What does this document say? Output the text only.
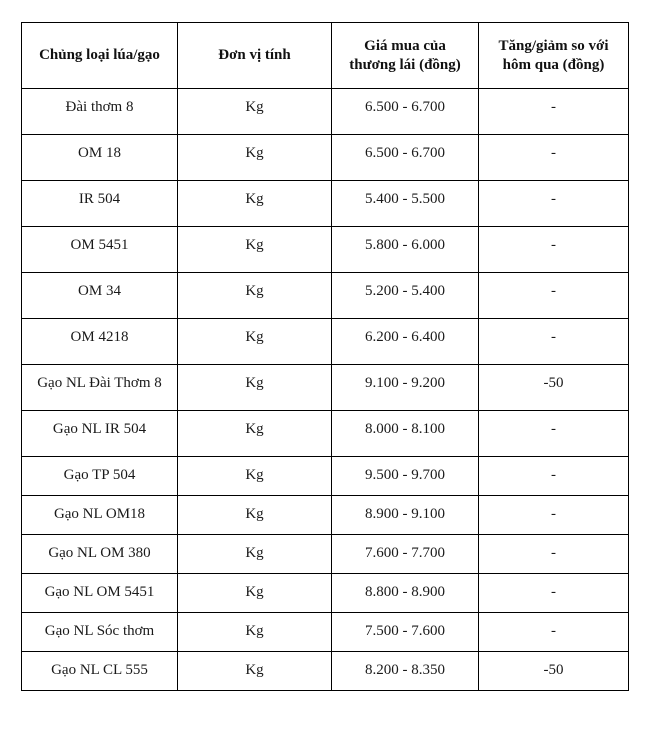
Chủng loại lúa/gạo	Đơn vị tính	Giá mua của thương lái (đồng)	Tăng/giảm so với hôm qua (đồng)

Đài thơm 8	Kg	6.500 - 6.700	-
OM 18	Kg	6.500 - 6.700	-
IR 504	Kg	5.400 - 5.500	-
OM 5451	Kg	5.800 - 6.000	-
OM 34	Kg	5.200 - 5.400	-
OM 4218	Kg	6.200 - 6.400	-
Gạo NL Đài Thơm 8	Kg	9.100 - 9.200	-50
Gạo NL IR 504	Kg	8.000 - 8.100	-
Gạo TP 504	Kg	9.500 - 9.700	-
Gạo NL OM18	Kg	8.900 - 9.100	-
Gạo NL OM 380	Kg	7.600 - 7.700	-
Gạo NL OM 5451	Kg	8.800 - 8.900	-
Gạo NL Sóc thơm	Kg	7.500 - 7.600	-
Gạo NL CL 555	Kg	8.200 - 8.350	-50
